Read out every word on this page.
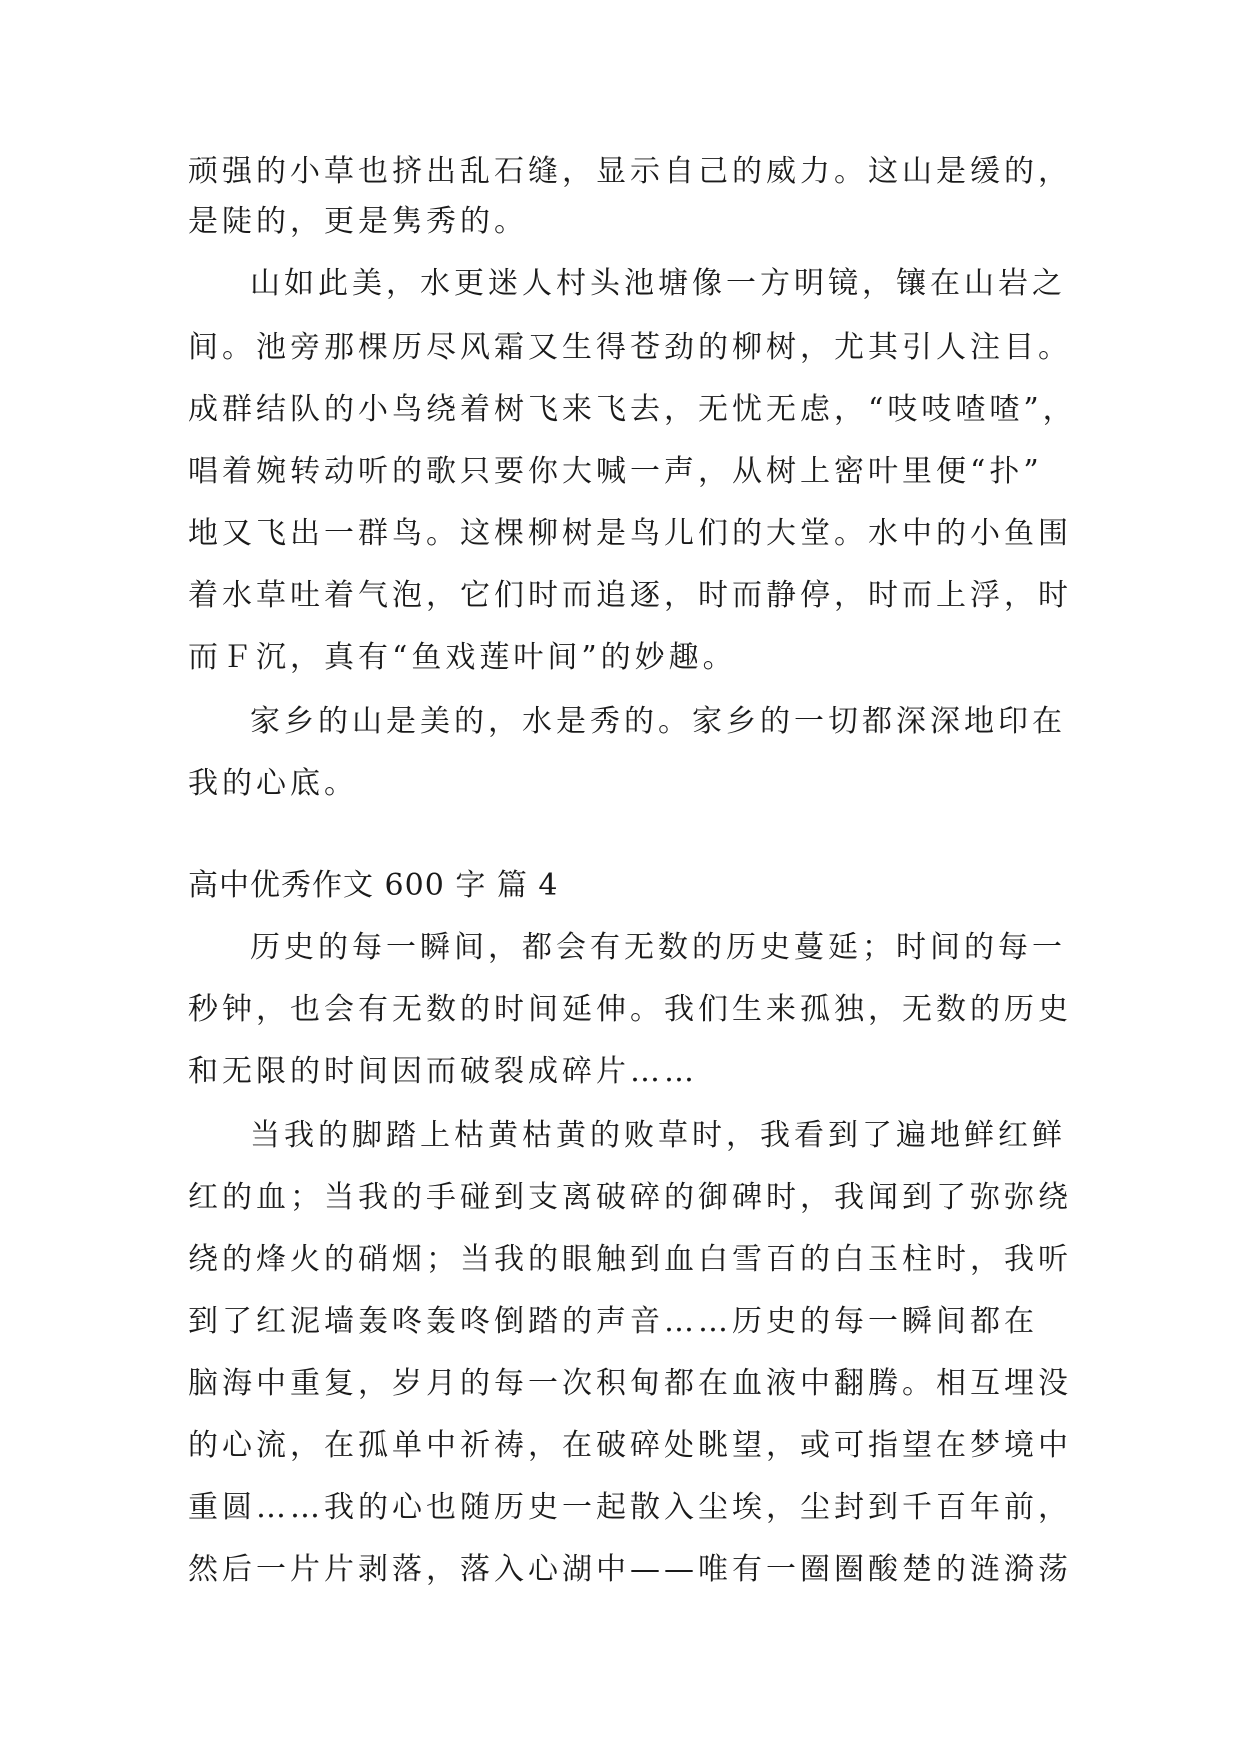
顽强的小草也挤出乱石缝，显示自己的威力。这山是缓的，
是陡的，更是隽秀的。
山如此美，水更迷人村头池塘像一方明镜，镶在山岩之
间。池旁那棵历尽风霜又生得苍劲的柳树，尤其引人注目。
成群结队的小鸟绕着树飞来飞去，无忧无虑，“吱吱喳喳”，
唱着婉转动听的歌只要你大喊一声，从树上密叶里便“扑”
地又飞出一群鸟。这棵柳树是鸟儿们的大堂。水中的小鱼围
着水草吐着气泡，它们时而追逐，时而静停，时而上浮，时
而Ｆ沉，真有“鱼戏莲叶间”的妙趣。
家乡的山是美的，水是秀的。家乡的一切都深深地印在
我的心底。
高中优秀作文 600 字 篇 4
历史的每一瞬间，都会有无数的历史蔓延；时间的每一
秒钟，也会有无数的时间延伸。我们生来孤独，无数的历史
和无限的时间因而破裂成碎片……
当我的脚踏上枯黄枯黄的败草时，我看到了遍地鲜红鲜
红的血；当我的手碰到支离破碎的御碑时，我闻到了弥弥绕
绕的烽火的硝烟；当我的眼触到血白雪百的白玉柱时，我听
到了红泥墙轰咚轰咚倒踏的声音……历史的每一瞬间都在
脑海中重复，岁月的每一次积甸都在血液中翻腾。相互埋没
的心流，在孤单中祈祷，在破碎处眺望，或可指望在梦境中
重圆……我的心也随历史一起散入尘埃，尘封到千百年前，
然后一片片剥落，落入心湖中——唯有一圈圈酸楚的涟漪荡
